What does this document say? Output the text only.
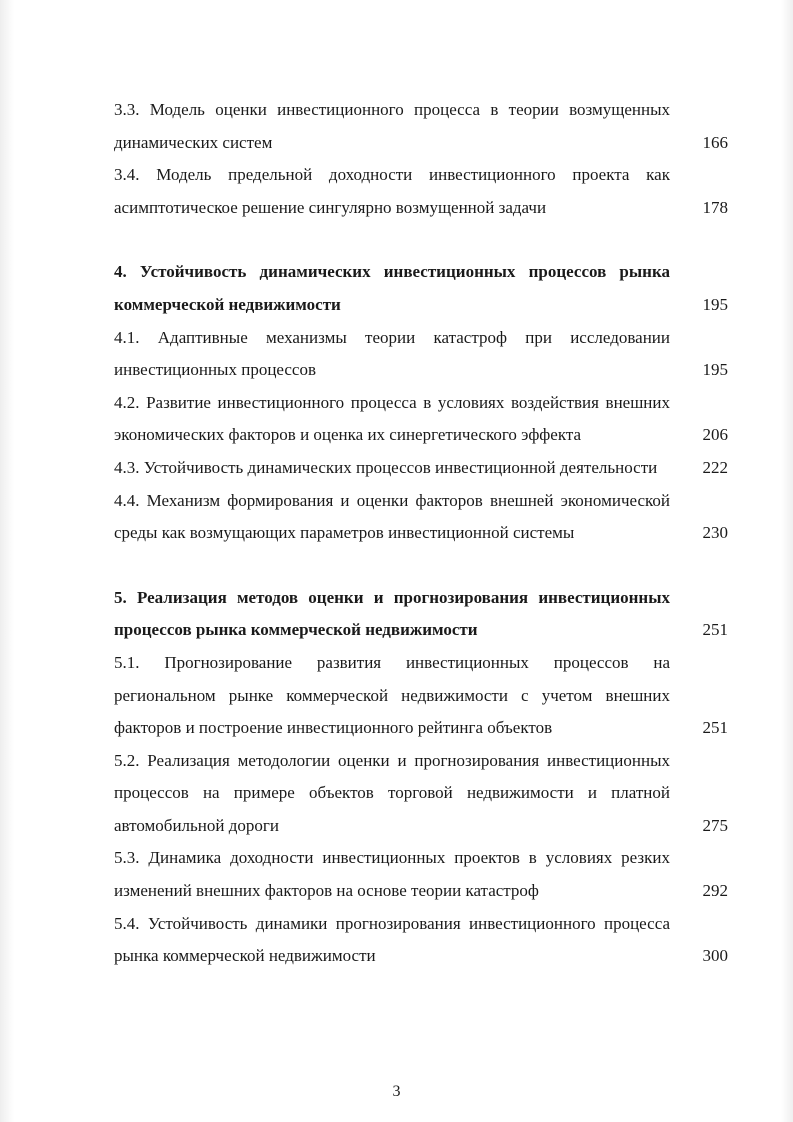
3.3. Модель оценки инвестиционного процесса в теории возмущенных динамических систем	166
3.4. Модель предельной доходности инвестиционного проекта как асимптотическое решение сингулярно возмущенной задачи	178
4. Устойчивость динамических инвестиционных процессов рынка коммерческой недвижимости	195
4.1. Адаптивные механизмы теории катастроф при исследовании инвестиционных процессов	195
4.2. Развитие инвестиционного процесса в условиях воздействия внешних экономических факторов и оценка их синергетического эффекта	206
4.3. Устойчивость динамических процессов инвестиционной деятельности	222
4.4. Механизм формирования и оценки факторов внешней экономической среды как возмущающих параметров инвестиционной системы	230
5. Реализация методов оценки и прогнозирования инвестиционных процессов рынка коммерческой недвижимости	251
5.1. Прогнозирование развития инвестиционных процессов на региональном рынке коммерческой недвижимости с учетом внешних факторов и построение инвестиционного рейтинга объектов	251
5.2. Реализация методологии оценки и прогнозирования инвестиционных процессов на примере объектов торговой недвижимости и платной автомобильной дороги	275
5.3. Динамика доходности инвестиционных проектов в условиях резких изменений внешних факторов на основе теории катастроф	292
5.4. Устойчивость динамики прогнозирования инвестиционного процесса рынка коммерческой недвижимости	300
3
